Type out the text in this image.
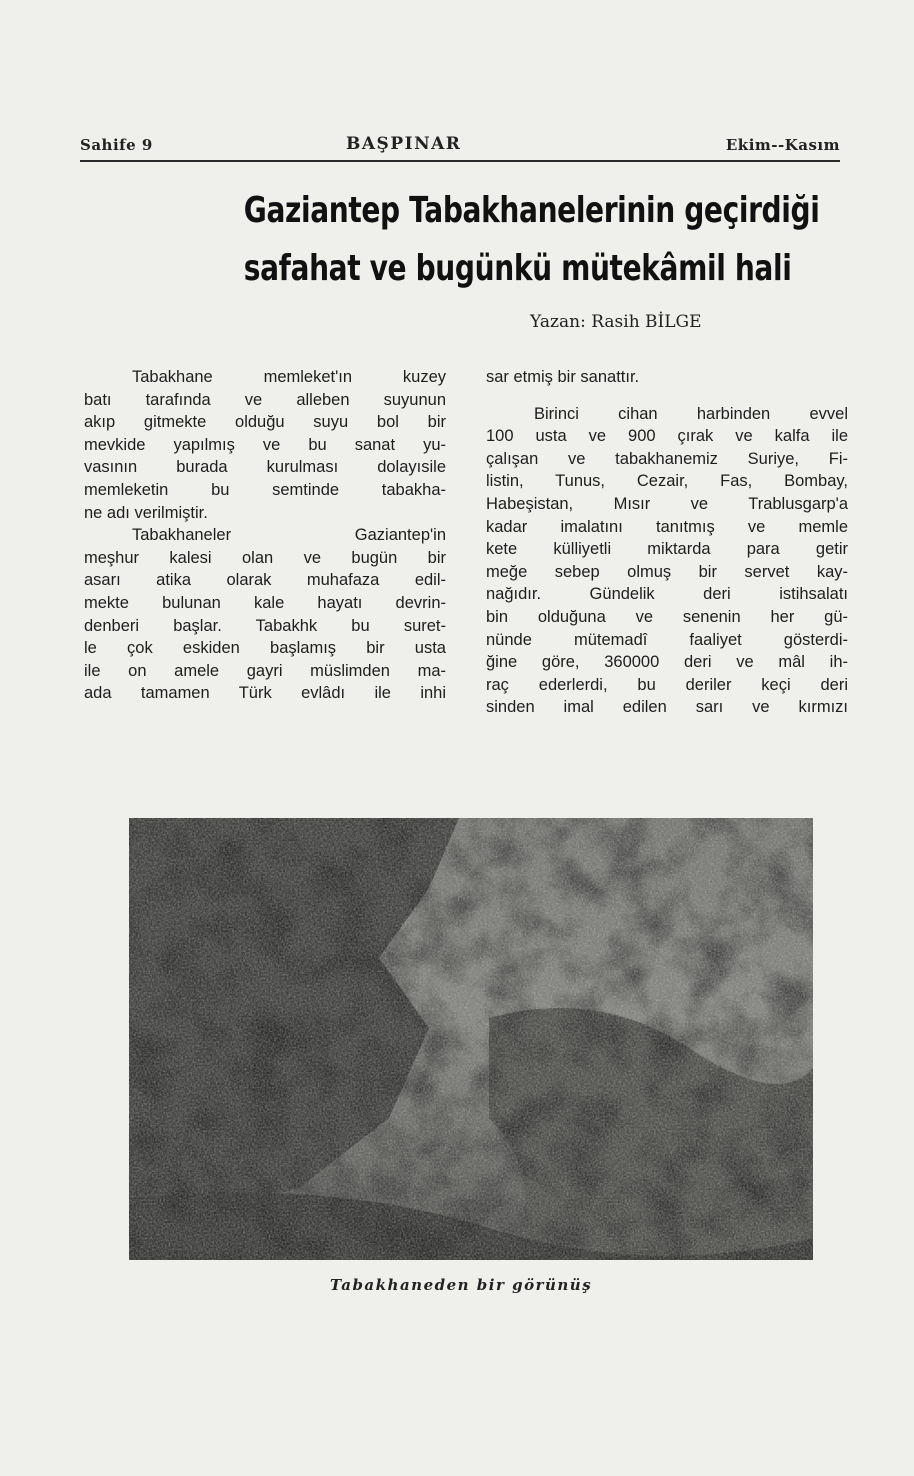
Sahife 9	BAŞPINAR	Ekim--Kasım
Gaziantep Tabakhanelerinin geçirdiği
safahat ve bugünkü mütekâmil hali
Yazan: Rasih BİLGE
Tabakhane memleket'ın kuzey
batı tarafında ve alleben suyunun
akıp gitmekte olduğu suyu bol bir
mevkide yapılmış ve bu sanat yu-
vasının burada kurulması dolayısile
memleketin bu semtinde tabakha-
ne adı verilmiştir.
Tabakhaneler Gaziantep'in
meşhur kalesi olan ve bugün bir
asarı atika olarak muhafaza edil-
mekte bulunan kale hayatı devrin-
denberi başlar. Tabakhk bu suret-
le çok eskiden başlamış bir usta
ile on amele gayri müslimden ma-
ada tamamen Türk evlâdı ile inhi
sar etmiş bir sanattır.
Birinci cihan harbinden evvel
100 usta ve 900 çırak ve kalfa ile
çalışan ve tabakhanemiz Suriye, Fi-
listin, Tunus, Cezair, Fas, Bombay,
Habeşistan, Mısır ve Trablusgarp'a
kadar imalatını tanıtmış ve memle
kete külliyetli miktarda para getir
meğe sebep olmuş bir servet kay-
nağıdır. Gündelik deri istihsalatı
bin olduğuna ve senenin her gü-
nünde mütemadî faaliyet gösterdi-
ğine göre, 360000 deri ve mâl ih-
raç ederlerdi, bu deriler keçi deri
sinden imal edilen sarı ve kırmızı
Tabakhaneden bir görünüş
